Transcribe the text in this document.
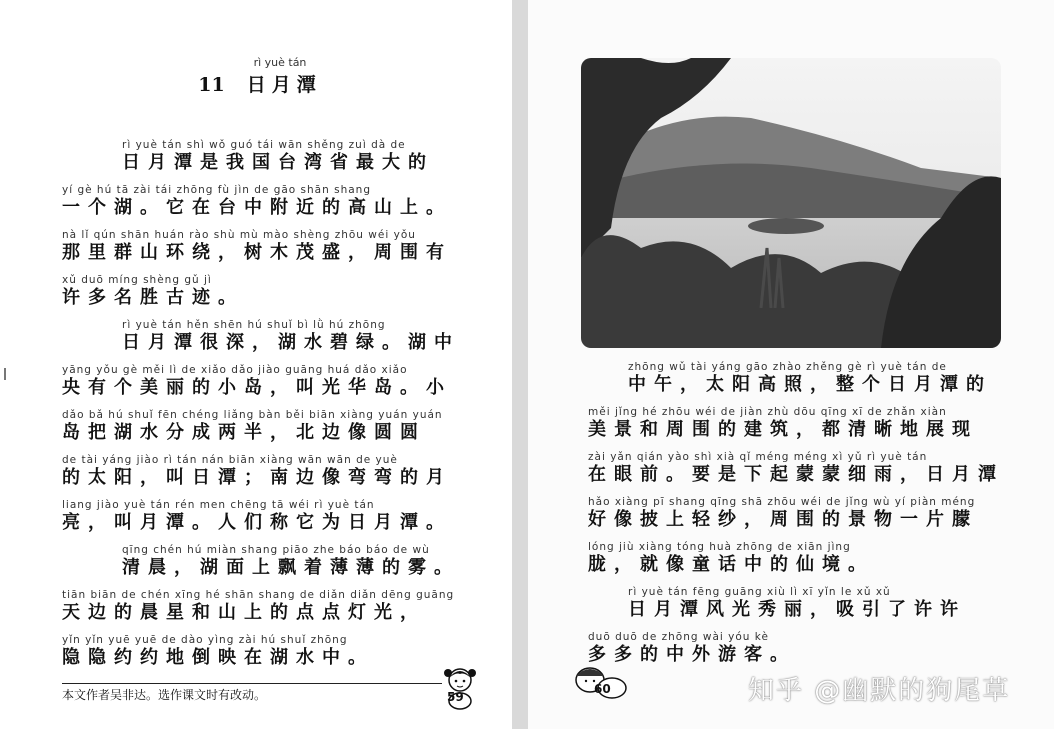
rì yuè tán
11 日月潭
rì yuè tán shì wǒ guó tái wān shěng zuì dà de
日月潭是我国台湾省最大的
yí gè hú tā zài tái zhōng fù jìn de gāo shān shang
一个湖。它在台中附近的高山上。
nà lǐ qún shān huán rào shù mù mào shèng zhōu wéi yǒu
那里群山环绕，树木茂盛，周围有
xǔ duō míng shèng gǔ jì
许多名胜古迹。
rì yuè tán hěn shēn hú shuǐ bì lǜ hú zhōng
日月潭很深，湖水碧绿。湖中
yāng yǒu gè měi lì de xiǎo dǎo jiào guāng huá dǎo xiǎo
央有个美丽的小岛，叫光华岛。小
dǎo bǎ hú shuǐ fēn chéng liǎng bàn běi biān xiàng yuán yuán
岛把湖水分成两半，北边像圆圆
de tài yáng jiào rì tán nán biān xiàng wān wān de yuè
的太阳，叫日潭；南边像弯弯的月
liang jiào yuè tán rén men chēng tā wéi rì yuè tán
亮，叫月潭。人们称它为日月潭。
qīng chén hú miàn shang piāo zhe báo báo de wù
清晨，湖面上飘着薄薄的雾。
tiān biān de chén xīng hé shān shang de diǎn diǎn dēng guāng
天边的晨星和山上的点点灯光，
yǐn yǐn yuē yuē de dào yìng zài hú shuǐ zhōng
隐隐约约地倒映在湖水中。
本文作者吴非达。选作课文时有改动。	59
zhōng wǔ tài yáng gāo zhào zhěng gè rì yuè tán de
中午，太阳高照，整个日月潭的
měi jǐng hé zhōu wéi de jiàn zhù dōu qīng xī de zhǎn xiàn
美景和周围的建筑，都清晰地展现
zài yǎn qián yào shì xià qǐ méng méng xì yǔ rì yuè tán
在眼前。要是下起蒙蒙细雨，日月潭
hǎo xiàng pī shang qīng shā zhōu wéi de jǐng wù yí piàn méng
好像披上轻纱，周围的景物一片朦
lóng jiù xiàng tóng huà zhōng de xiān jìng
胧，就像童话中的仙境。
rì yuè tán fēng guāng xiù lì xī yǐn le xǔ xǔ
日月潭风光秀丽，吸引了许许
duō duō de zhōng wài yóu kè
多多的中外游客。
60	知乎 @幽默的狗尾草
